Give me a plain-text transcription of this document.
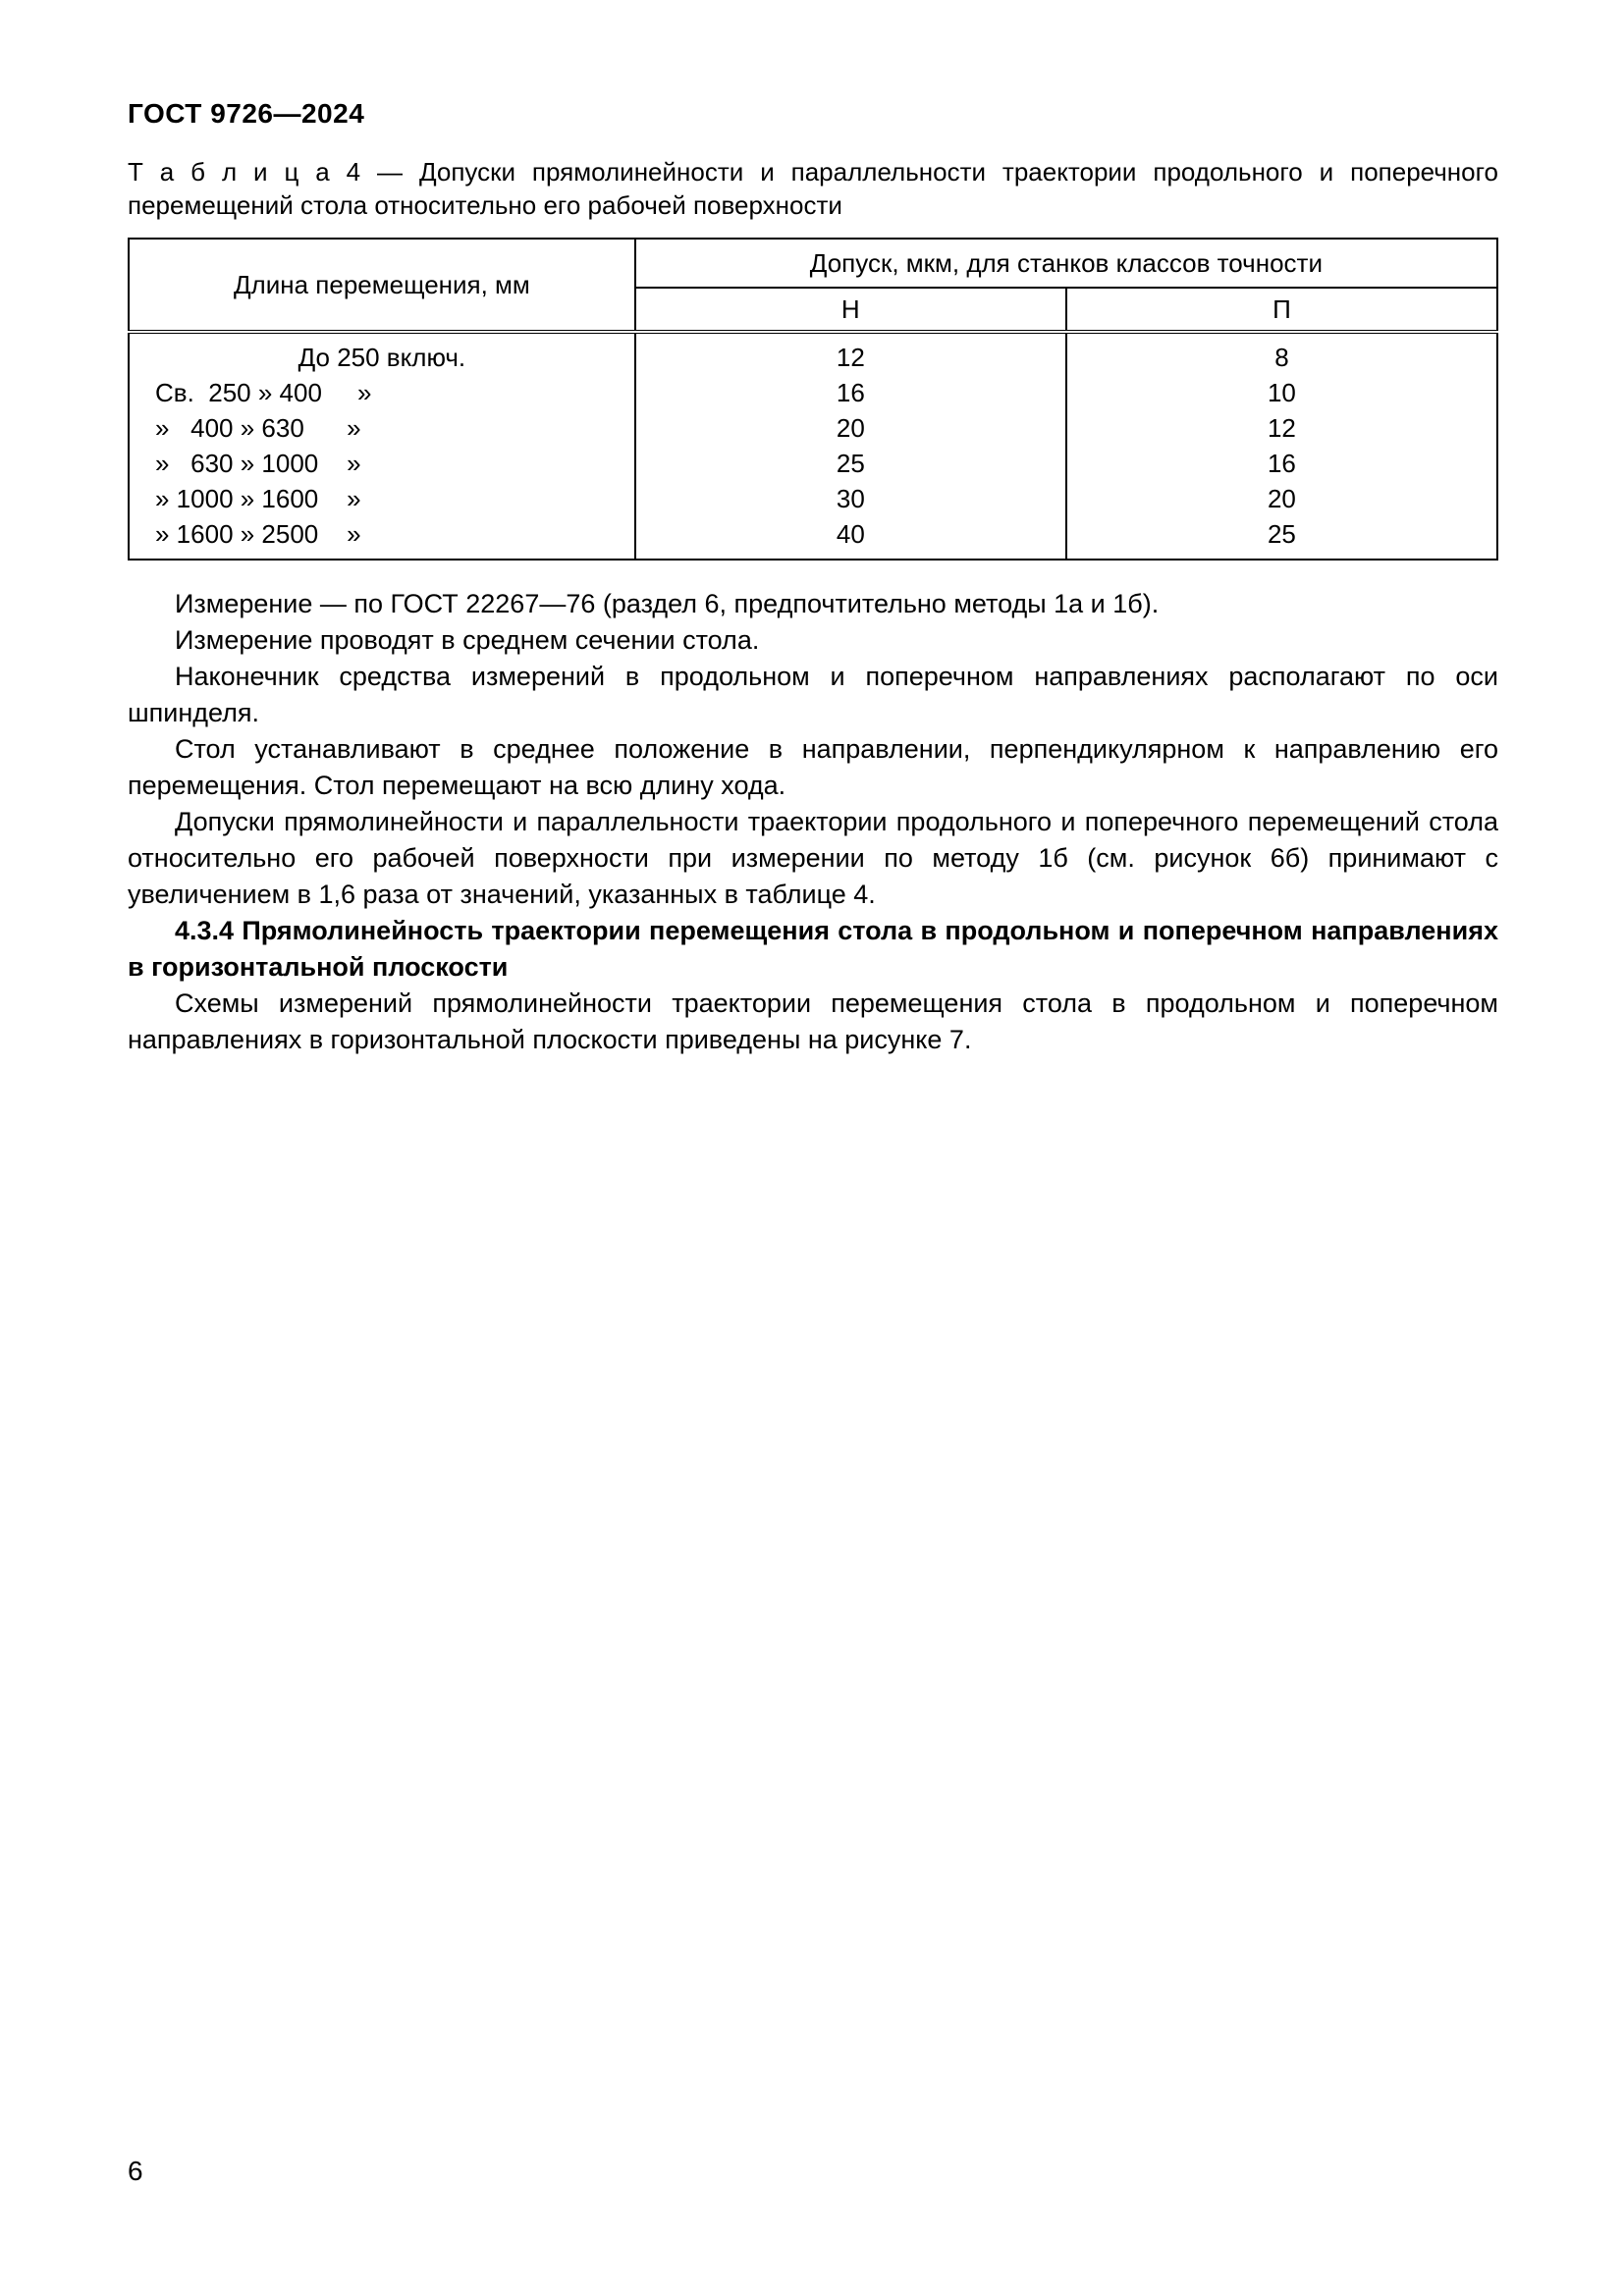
ГОСТ 9726—2024

Т а б л и ц а 4 — Допуски прямолинейности и параллельности траектории продольного и поперечного перемещений стола относительно его рабочей поверхности

Длина перемещения, мм	Допуск, мкм, для станков классов точности	
	Н	П
До 250 включ.	12	8
Св.  250 » 400     »	16	10
»   400 » 630      »	20	12
»   630 » 1000    »	25	16
» 1000 » 1600    »	30	20
» 1600 » 2500    »	40	25

Измерение — по ГОСТ 22267—76 (раздел 6, предпочтительно методы 1а и 1б).

Измерение проводят в среднем сечении стола.

Наконечник средства измерений в продольном и поперечном направлениях располагают по оси шпинделя.

Стол устанавливают в среднее положение в направлении, перпендикулярном к направлению его перемещения. Стол перемещают на всю длину хода.

Допуски прямолинейности и параллельности траектории продольного и поперечного перемещений стола относительно его рабочей поверхности при измерении по методу 1б (см. рисунок 6б) принимают с увеличением в 1,6 раза от значений, указанных в таблице 4.

4.3.4 Прямолинейность траектории перемещения стола в продольном и поперечном направлениях в горизонтальной плоскости

Схемы измерений прямолинейности траектории перемещения стола в продольном и поперечном направлениях в горизонтальной плоскости приведены на рисунке 7.

6
